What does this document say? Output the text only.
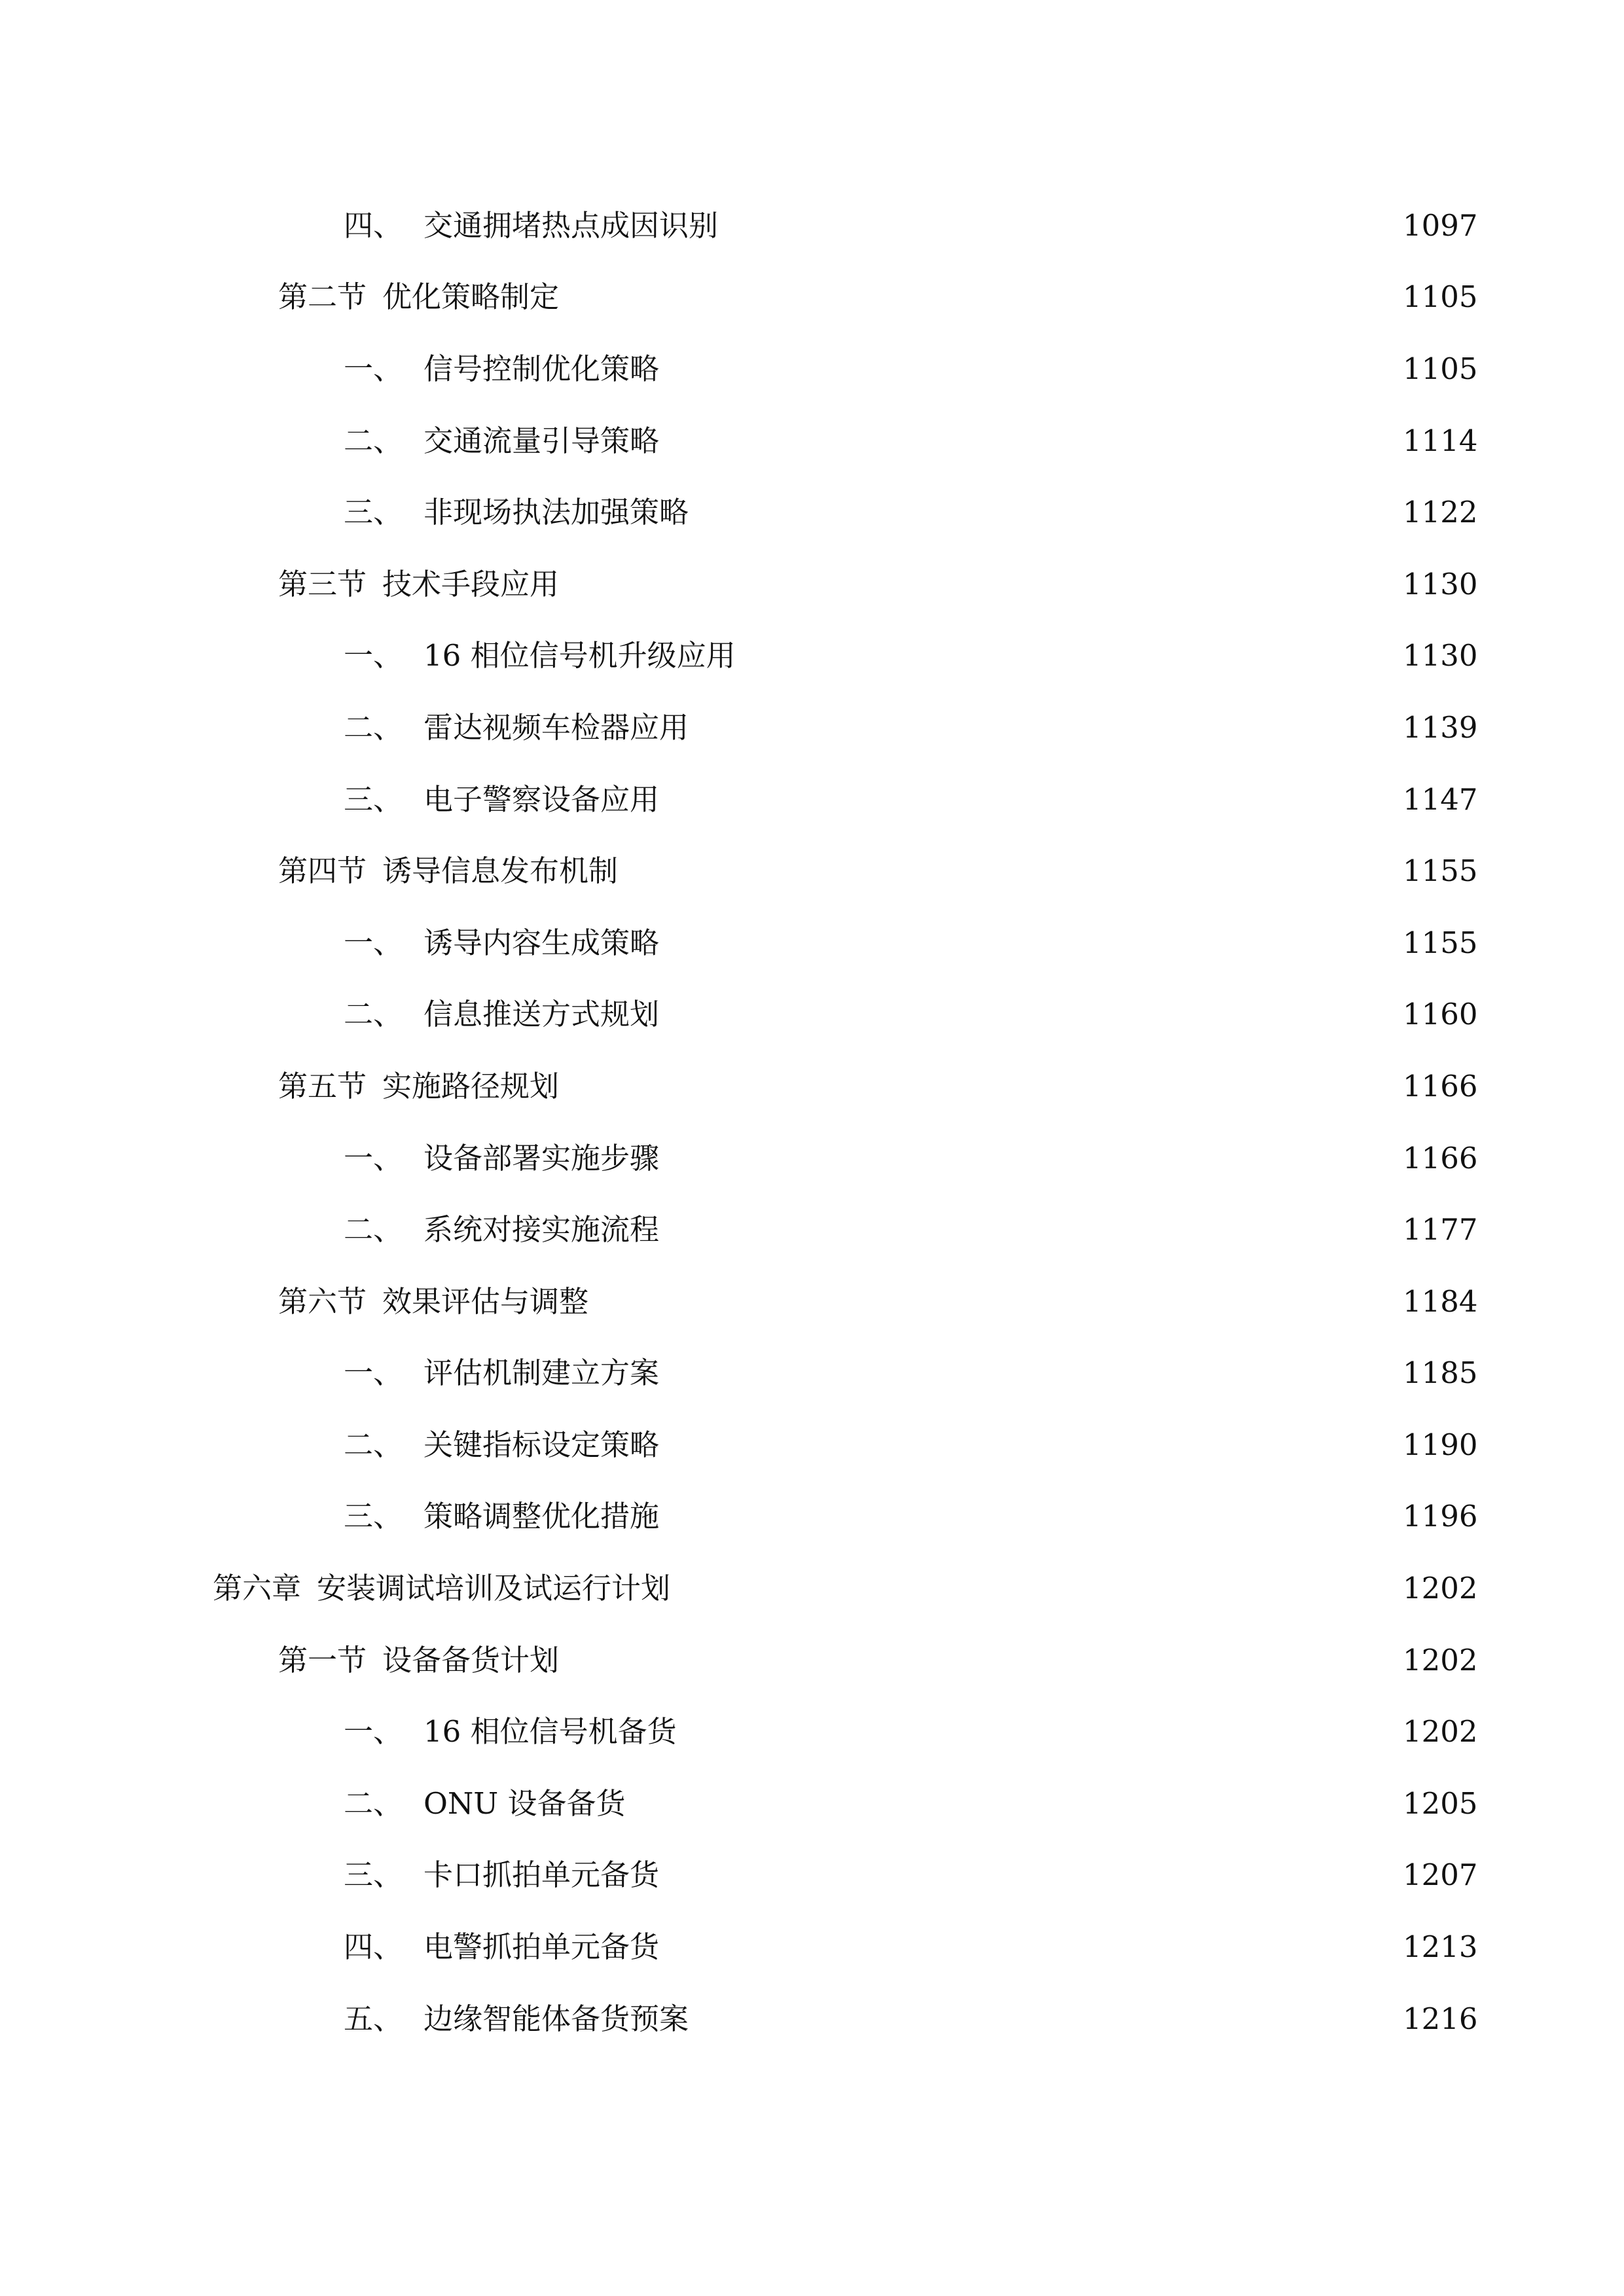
四、 交通拥堵热点成因识别	1097
第二节 优化策略制定	1105
一、 信号控制优化策略	1105
二、 交通流量引导策略	1114
三、 非现场执法加强策略	1122
第三节 技术手段应用	1130
一、 16 相位信号机升级应用	1130
二、 雷达视频车检器应用	1139
三、 电子警察设备应用	1147
第四节 诱导信息发布机制	1155
一、 诱导内容生成策略	1155
二、 信息推送方式规划	1160
第五节 实施路径规划	1166
一、 设备部署实施步骤	1166
二、 系统对接实施流程	1177
第六节 效果评估与调整	1184
一、 评估机制建立方案	1185
二、 关键指标设定策略	1190
三、 策略调整优化措施	1196
第六章 安装调试培训及试运行计划	1202
第一节 设备备货计划	1202
一、 16 相位信号机备货	1202
二、 ONU 设备备货	1205
三、 卡口抓拍单元备货	1207
四、 电警抓拍单元备货	1213
五、 边缘智能体备货预案	1216
